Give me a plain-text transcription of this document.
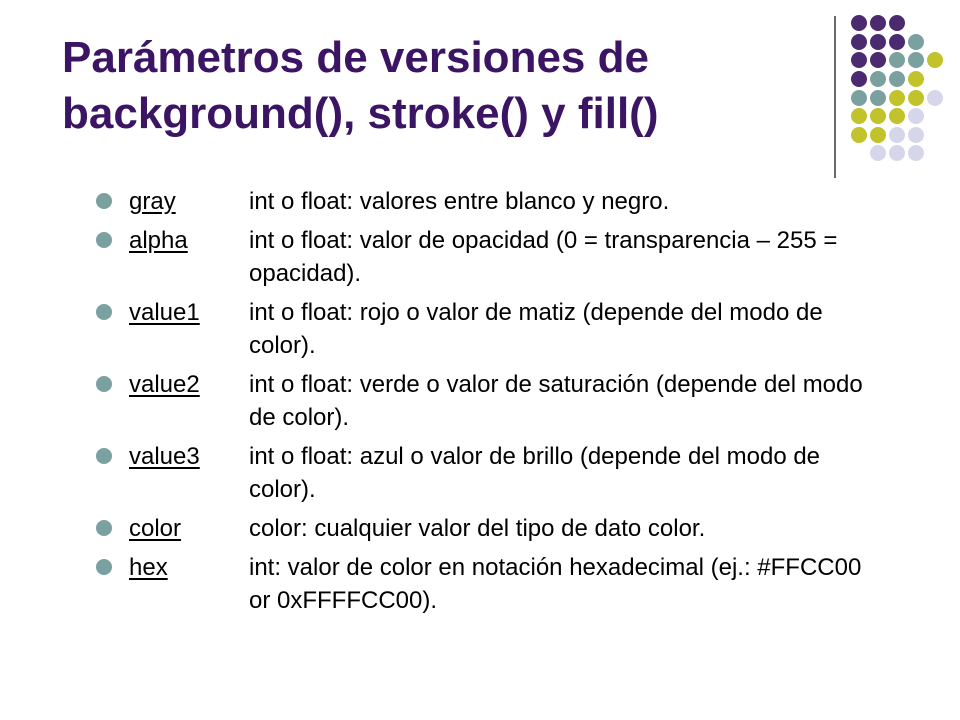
Parámetros de versiones de
background(), stroke() y fill()
gray	int o float: valores entre blanco y negro.
alpha	int o float: valor de opacidad (0 = transparencia – 255 = opacidad).
value1	int o float: rojo o valor de matiz (depende del modo de color).
value2	int o float: verde o valor de saturación (depende del modo de color).
value3	int o float: azul o valor de brillo (depende del modo de color).
color	color: cualquier valor del tipo de dato color.
hex	int: valor de color en notación hexadecimal (ej.: #FFCC00 or 0xFFFFCC00).
